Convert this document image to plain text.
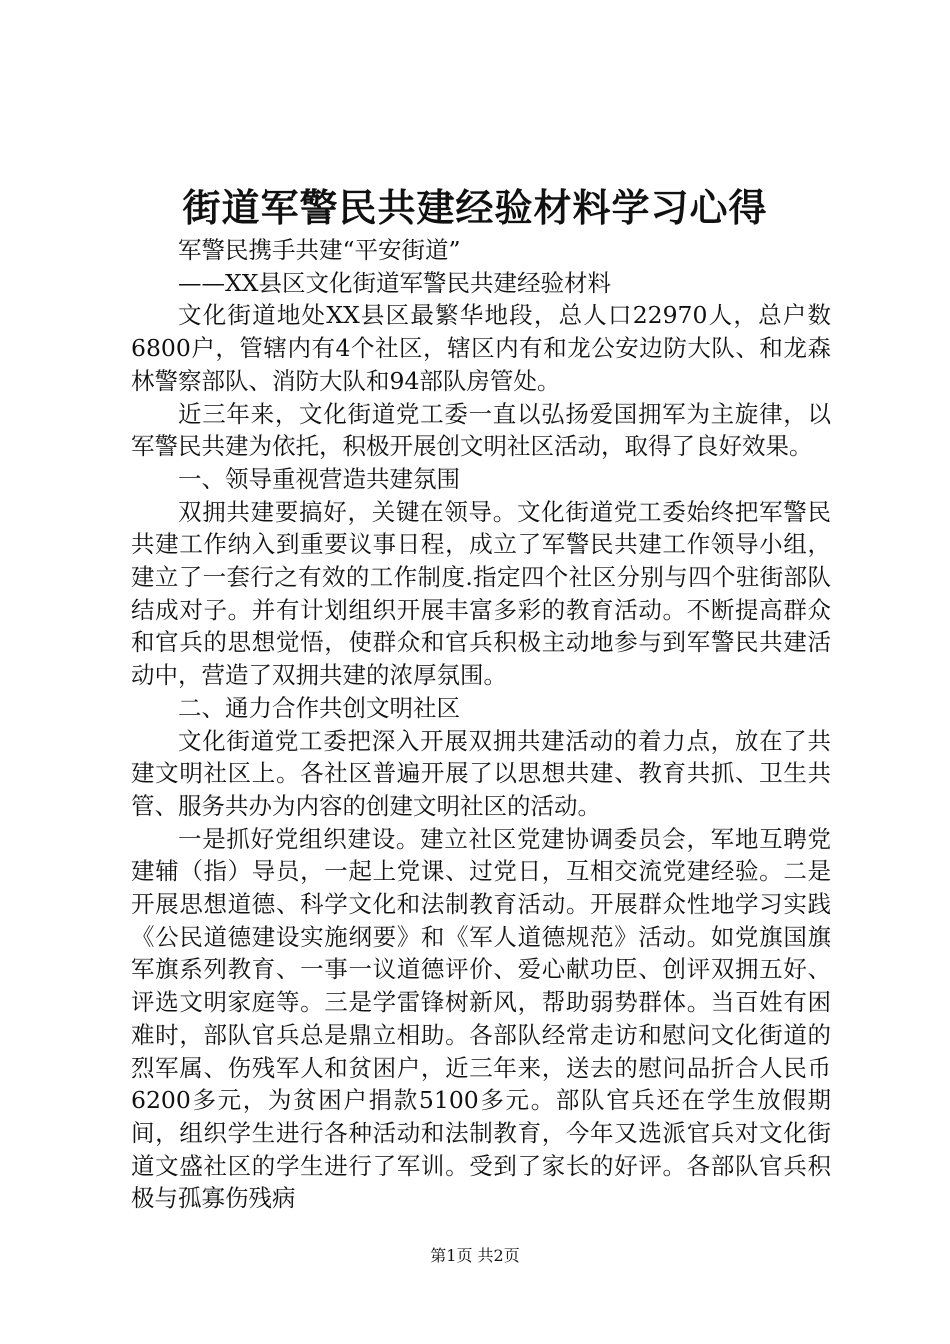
街道军警民共建经验材料学习心得

军警民携手共建“平安街道”

——XX县区文化街道军警民共建经验材料

文化街道地处XX县区最繁华地段，总人口22970人，总户数6800户，管辖内有4个社区，辖区内有和龙公安边防大队、和龙森林警察部队、消防大队和94部队房管处。

近三年来，文化街道党工委一直以弘扬爱国拥军为主旋律，以军警民共建为依托，积极开展创文明社区活动，取得了良好效果。

一、领导重视营造共建氛围

双拥共建要搞好，关键在领导。文化街道党工委始终把军警民共建工作纳入到重要议事日程，成立了军警民共建工作领导小组，建立了一套行之有效的工作制度.指定四个社区分别与四个驻街部队结成对子。并有计划组织开展丰富多彩的教育活动。不断提高群众和官兵的思想觉悟，使群众和官兵积极主动地参与到军警民共建活动中，营造了双拥共建的浓厚氛围。

二、通力合作共创文明社区

文化街道党工委把深入开展双拥共建活动的着力点，放在了共建文明社区上。各社区普遍开展了以思想共建、教育共抓、卫生共管、服务共办为内容的创建文明社区的活动。

一是抓好党组织建设。建立社区党建协调委员会，军地互聘党建辅（指）导员，一起上党课、过党日，互相交流党建经验。二是开展思想道德、科学文化和法制教育活动。开展群众性地学习实践《公民道德建设实施纲要》和《军人道德规范》活动。如党旗国旗军旗系列教育、一事一议道德评价、爱心献功臣、创评双拥五好、评选文明家庭等。三是学雷锋树新风，帮助弱势群体。当百姓有困难时，部队官兵总是鼎立相助。各部队经常走访和慰问文化街道的烈军属、伤残军人和贫困户，近三年来，送去的慰问品折合人民币6200多元，为贫困户捐款5100多元。部队官兵还在学生放假期间，组织学生进行各种活动和法制教育，今年又选派官兵对文化街道文盛社区的学生进行了军训。受到了家长的好评。各部队官兵积极与孤寡伤残病

第1页 共2页
